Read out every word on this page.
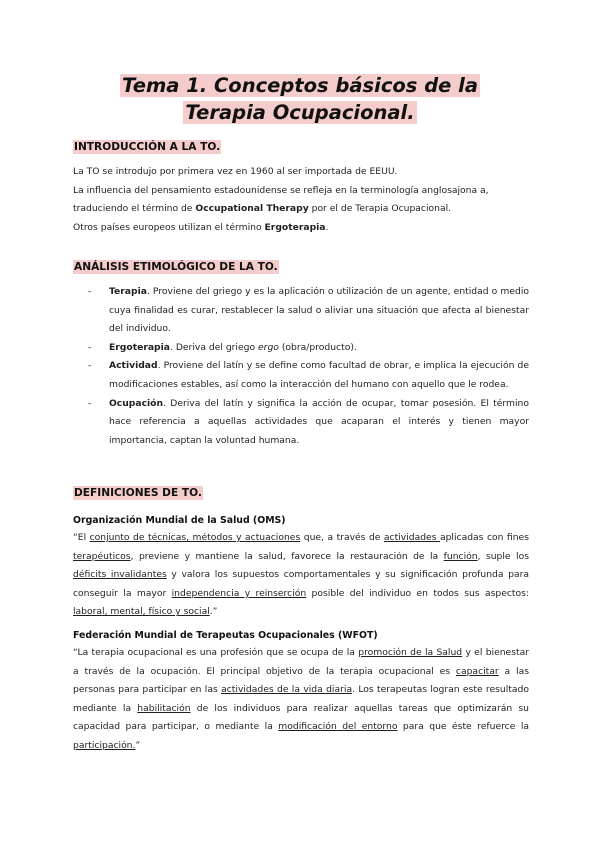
Tema 1. Conceptos básicos de la
Terapia Ocupacional.
INTRODUCCIÓN A LA TO.

La TO se introdujo por primera vez en 1960 al ser importada de EEUU.

La influencia del pensamiento estadounidense se refleja en la terminología anglosajona a,

traduciendo el término de Occupational Therapy por el de Terapia Ocupacional.

Otros países europeos utilizan el término Ergoterapia.

ANÁLISIS ETIMOLÓGICO DE LA TO.
- Terapia. Proviene del griego y es la aplicación o utilización de un agente, entidad o medio cuya finalidad es curar, restablecer la salud o aliviar una situación que afecta al bienestar del individuo.
- Ergoterapia. Deriva del griego ergo (obra/producto).
- Actividad. Proviene del latín y se define como facultad de obrar, e implica la ejecución de modificaciones estables, así como la interacción del humano con aquello que le rodea.
- Ocupación. Deriva del latín y significa la acción de ocupar, tomar posesión. El término hace referencia a aquellas actividades que acaparan el interés y tienen mayor importancia, captan la voluntad humana.
DEFINICIONES DE TO.
Organización Mundial de la Salud (OMS)
“El conjunto de técnicas, métodos y actuaciones que, a través de actividades aplicadas con fines terapéuticos, previene y mantiene la salud, favorece la restauración de la función, suple los déficits invalidantes y valora los supuestos comportamentales y su significación profunda para conseguir la mayor independencia y reinserción posible del individuo en todos sus aspectos: laboral, mental, físico y social.”
Federación Mundial de Terapeutas Ocupacionales (WFOT)
“La terapia ocupacional es una profesión que se ocupa de la promoción de la Salud y el bienestar a través de la ocupación. El principal objetivo de la terapia ocupacional es capacitar a las personas para participar en las actividades de la vida diaria. Los terapeutas logran este resultado mediante la habilitación de los individuos para realizar aquellas tareas que optimizarán su capacidad para participar, o mediante la modificación del entorno para que éste refuerce la participación.”
